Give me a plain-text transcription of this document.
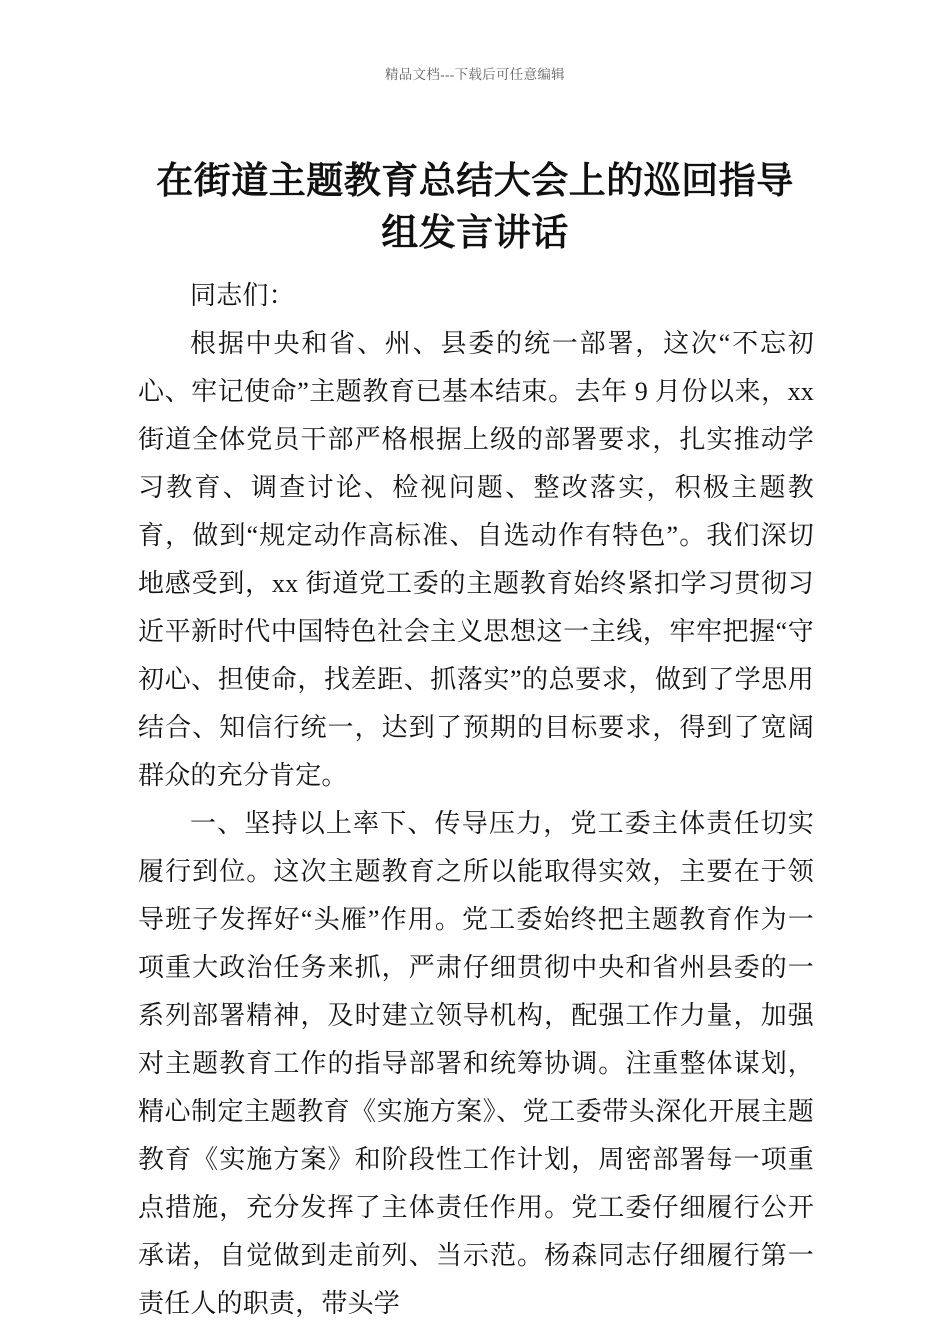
精品文档---下载后可任意编辑
在街道主题教育总结大会上的巡回指导组发言讲话

同志们：

根据中央和省、州、县委的统一部署，这次“不忘初心、牢记使命”主题教育已基本结束。去年 9 月份以来，xx 街道全体党员干部严格根据上级的部署要求，扎实推动学习教育、调查讨论、检视问题、整改落实，积极主题教育，做到“规定动作高标准、自选动作有特色”。我们深切地感受到，xx 街道党工委的主题教育始终紧扣学习贯彻习近平新时代中国特色社会主义思想这一主线，牢牢把握“守初心、担使命，找差距、抓落实”的总要求，做到了学思用结合、知信行统一，达到了预期的目标要求，得到了宽阔群众的充分肯定。

一、坚持以上率下、传导压力，党工委主体责任切实履行到位。这次主题教育之所以能取得实效，主要在于领导班子发挥好“头雁”作用。党工委始终把主题教育作为一项重大政治任务来抓，严肃仔细贯彻中央和省州县委的一系列部署精神，及时建立领导机构，配强工作力量，加强对主题教育工作的指导部署和统筹协调。注重整体谋划，精心制定主题教育《实施方案》、党工委带头深化开展主题教育《实施方案》和阶段性工作计划，周密部署每一项重点措施，充分发挥了主体责任作用。党工委仔细履行公开承诺，自觉做到走前列、当示范。杨森同志仔细履行第一责任人的职责，带头学
